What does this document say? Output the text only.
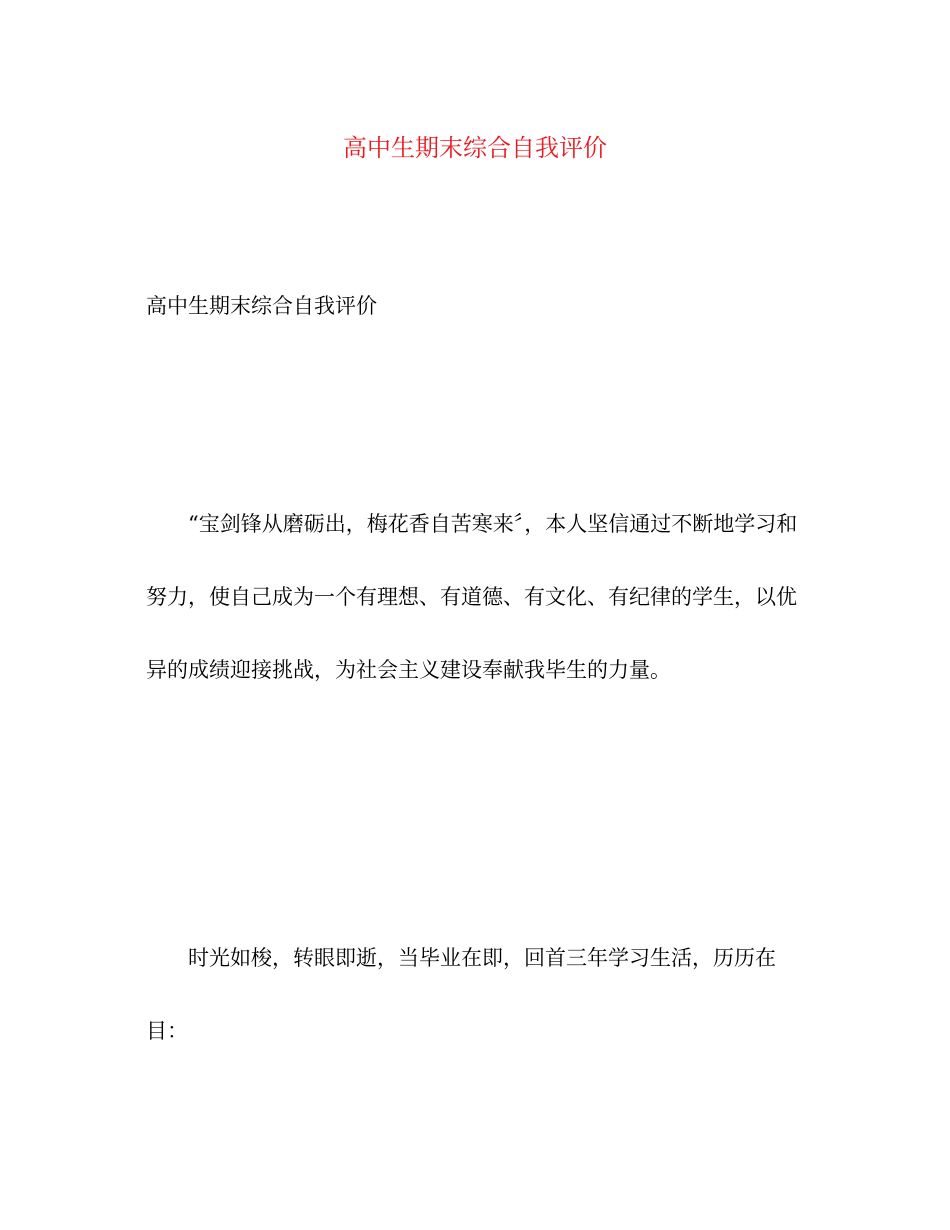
高中生期末综合自我评价

高中生期末综合自我评价

“宝剑锋从磨砺出，梅花香自苦寒来〞，本人坚信通过不断地学习和努力，使自己成为一个有理想、有道德、有文化、有纪律的学生，以优异的成绩迎接挑战，为社会主义建设奉献我毕生的力量。

时光如梭，转眼即逝，当毕业在即，回首三年学习生活，历历在目：
